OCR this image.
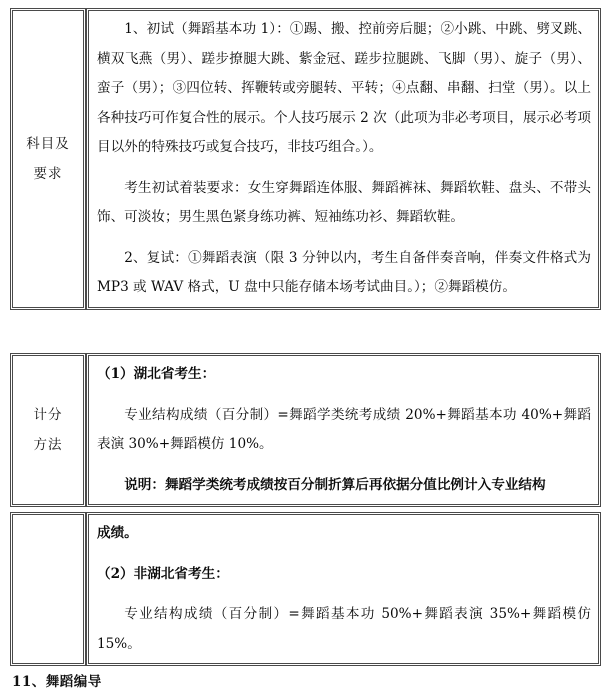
科目及
要求

1、初试（舞蹈基本功 1）：①踢、搬、控前旁后腿；②小跳、中跳、劈叉跳、横双飞燕（男）、蹉步撩腿大跳、紫金冠、蹉步拉腿跳、飞脚（男）、旋子（男）、蛮子（男）；③四位转、挥鞭转或旁腿转、平转；④点翻、串翻、扫堂（男）。以上各种技巧可作复合性的展示。个人技巧展示 2 次（此项为非必考项目，展示必考项目以外的特殊技巧或复合技巧，非技巧组合。）。

考生初试着装要求：女生穿舞蹈连体服、舞蹈裤袜、舞蹈软鞋、盘头、不带头饰、可淡妆；男生黑色紧身练功裤、短袖练功衫、舞蹈软鞋。

2、复试：①舞蹈表演（限 3 分钟以内，考生自备伴奏音响，伴奏文件格式为 MP3 或 WAV 格式，U 盘中只能存储本场考试曲目。）；②舞蹈模仿。

计分
方法

（1）湖北省考生：

专业结构成绩（百分制）=舞蹈学类统考成绩 20%+舞蹈基本功 40%+舞蹈表演 30%+舞蹈模仿 10%。

说明：舞蹈学类统考成绩按百分制折算后再依据分值比例计入专业结构

成绩。

（2）非湖北省考生：

专业结构成绩（百分制）=舞蹈基本功 50%+舞蹈表演 35%+舞蹈模仿 15%。

11、舞蹈编导
